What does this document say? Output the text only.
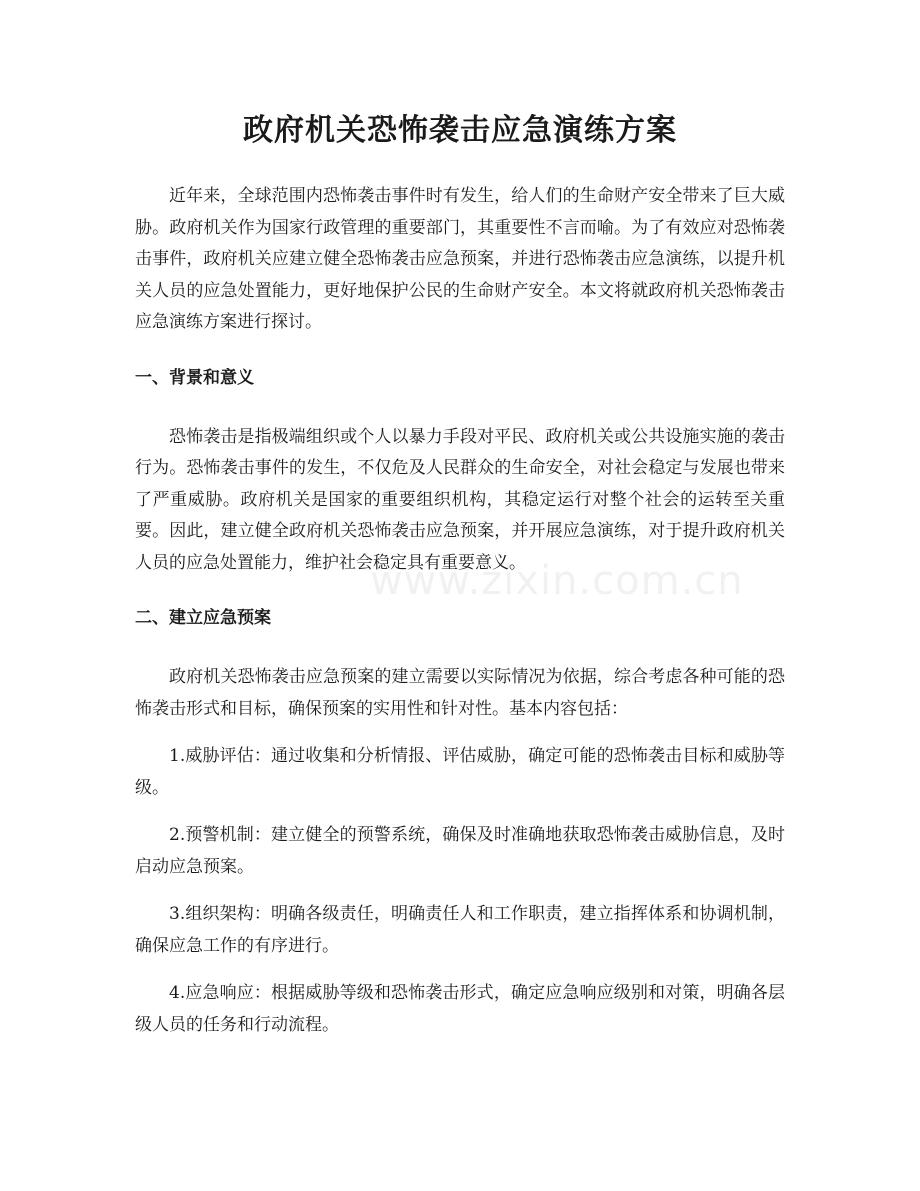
政府机关恐怖袭击应急演练方案

近年来，全球范围内恐怖袭击事件时有发生，给人们的生命财产安全带来了巨大威胁。政府机关作为国家行政管理的重要部门，其重要性不言而喻。为了有效应对恐怖袭击事件，政府机关应建立健全恐怖袭击应急预案，并进行恐怖袭击应急演练，以提升机关人员的应急处置能力，更好地保护公民的生命财产安全。本文将就政府机关恐怖袭击应急演练方案进行探讨。

一、背景和意义

恐怖袭击是指极端组织或个人以暴力手段对平民、政府机关或公共设施实施的袭击行为。恐怖袭击事件的发生，不仅危及人民群众的生命安全，对社会稳定与发展也带来了严重威胁。政府机关是国家的重要组织机构，其稳定运行对整个社会的运转至关重要。因此，建立健全政府机关恐怖袭击应急预案，并开展应急演练，对于提升政府机关人员的应急处置能力，维护社会稳定具有重要意义。

二、建立应急预案

政府机关恐怖袭击应急预案的建立需要以实际情况为依据，综合考虑各种可能的恐怖袭击形式和目标，确保预案的实用性和针对性。基本内容包括：

1.威胁评估：通过收集和分析情报、评估威胁，确定可能的恐怖袭击目标和威胁等级。

2.预警机制：建立健全的预警系统，确保及时准确地获取恐怖袭击威胁信息，及时启动应急预案。

3.组织架构：明确各级责任，明确责任人和工作职责，建立指挥体系和协调机制，确保应急工作的有序进行。

4.应急响应：根据威胁等级和恐怖袭击形式，确定应急响应级别和对策，明确各层级人员的任务和行动流程。

www.zixin.com.cn
